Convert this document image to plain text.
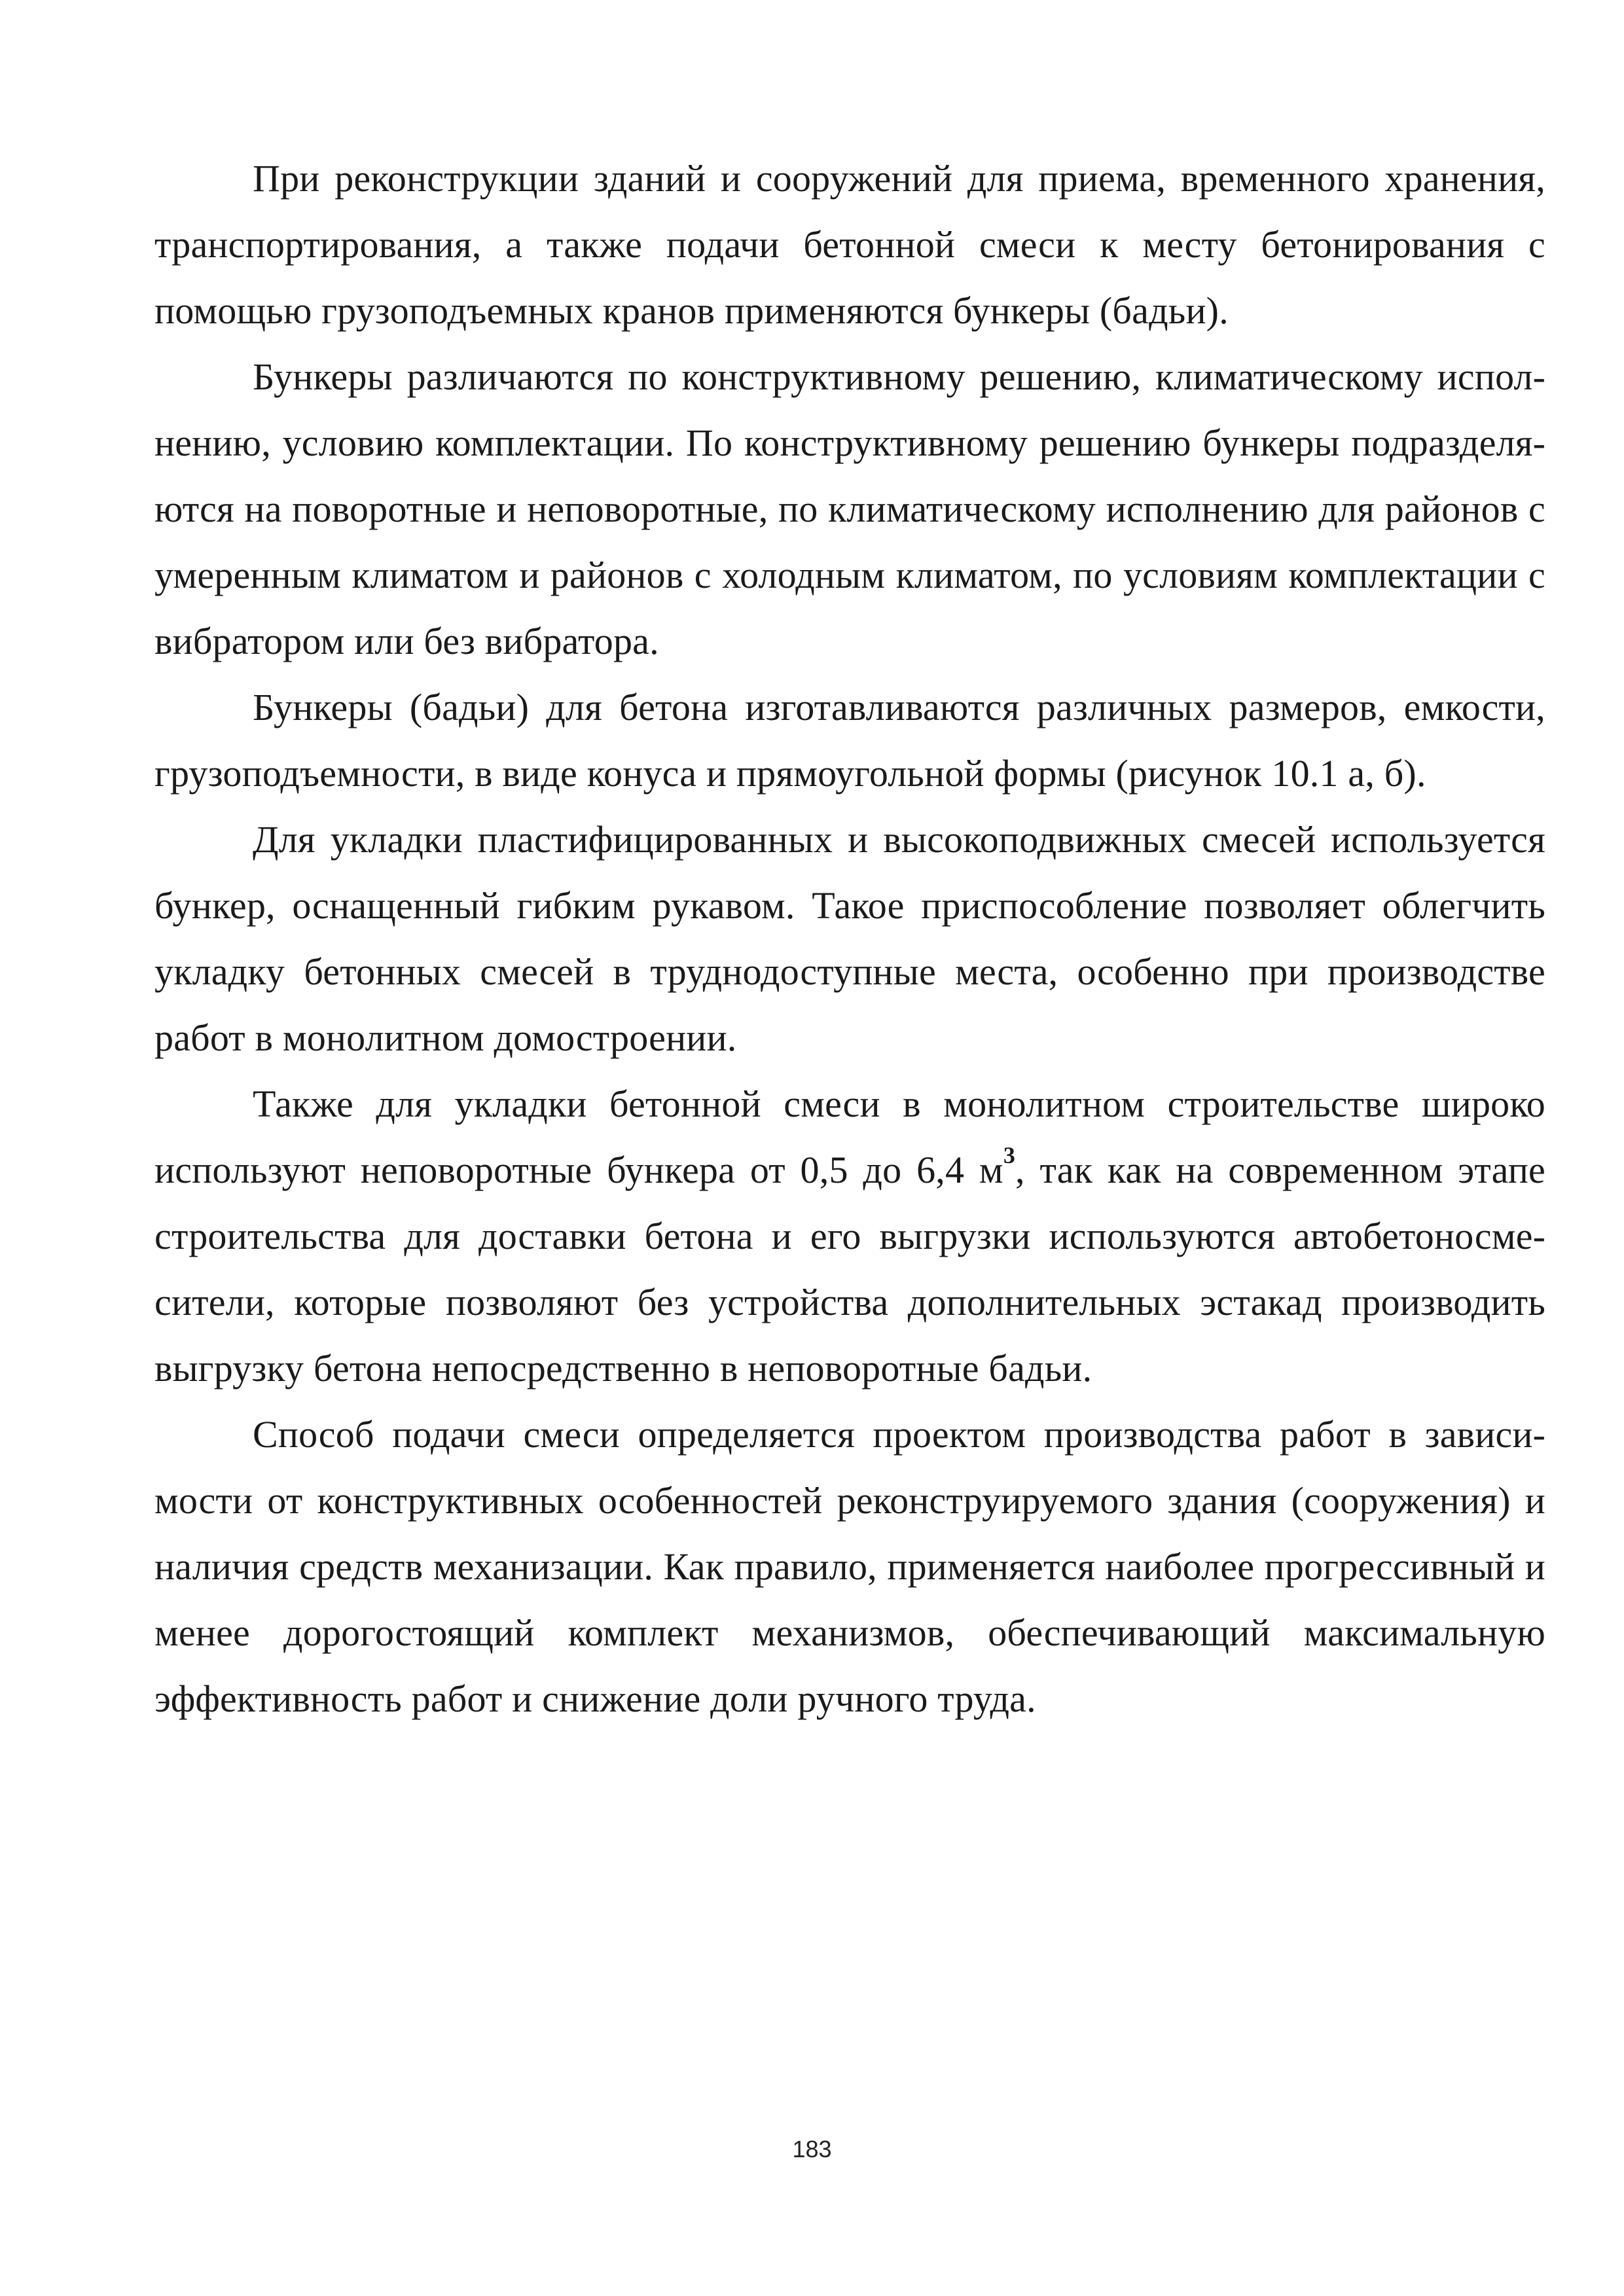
При реконструкции зданий и сооружений для приема, временного хранения, транспортирования, а также подачи бетонной смеси к месту бетонирования с помощью грузоподъемных кранов применяются бункеры (бадьи).

Бункеры различаются по конструктивному решению, климатическому исполнению, условию комплектации. По конструктивному решению бункеры подразделяются на поворотные и неповоротные, по климатическому исполнению для районов с умеренным климатом и районов с холодным климатом, по условиям комплектации с вибратором или без вибратора.

Бункеры (бадьи) для бетона изготавливаются различных размеров, емкости, грузоподъемности, в виде конуса и прямоугольной формы (рисунок 10.1 а, б).

Для укладки пластифицированных и высокоподвижных смесей используется бункер, оснащенный гибким рукавом. Такое приспособление позволяет облегчить укладку бетонных смесей в труднодоступные места, особенно при производстве работ в монолитном домостроении.

Также для укладки бетонной смеси в монолитном строительстве широко используют неповоротные бункера от 0,5 до 6,4 $м^3$, так как на современном этапе строительства для доставки бетона и его выгрузки используются автобетоносмесители, которые позволяют без устройства дополнительных эстакад производить выгрузку бетона непосредственно в неповоротные бадьи.

Способ подачи смеси определяется проектом производства работ в зависимости от конструктивных особенностей реконструируемого здания (сооружения) и наличия средств механизации. Как правило, применяется наиболее прогрессивный и менее дорогостоящий комплект механизмов, обеспечивающий максимальную эффективность работ и снижение доли ручного труда.

183
